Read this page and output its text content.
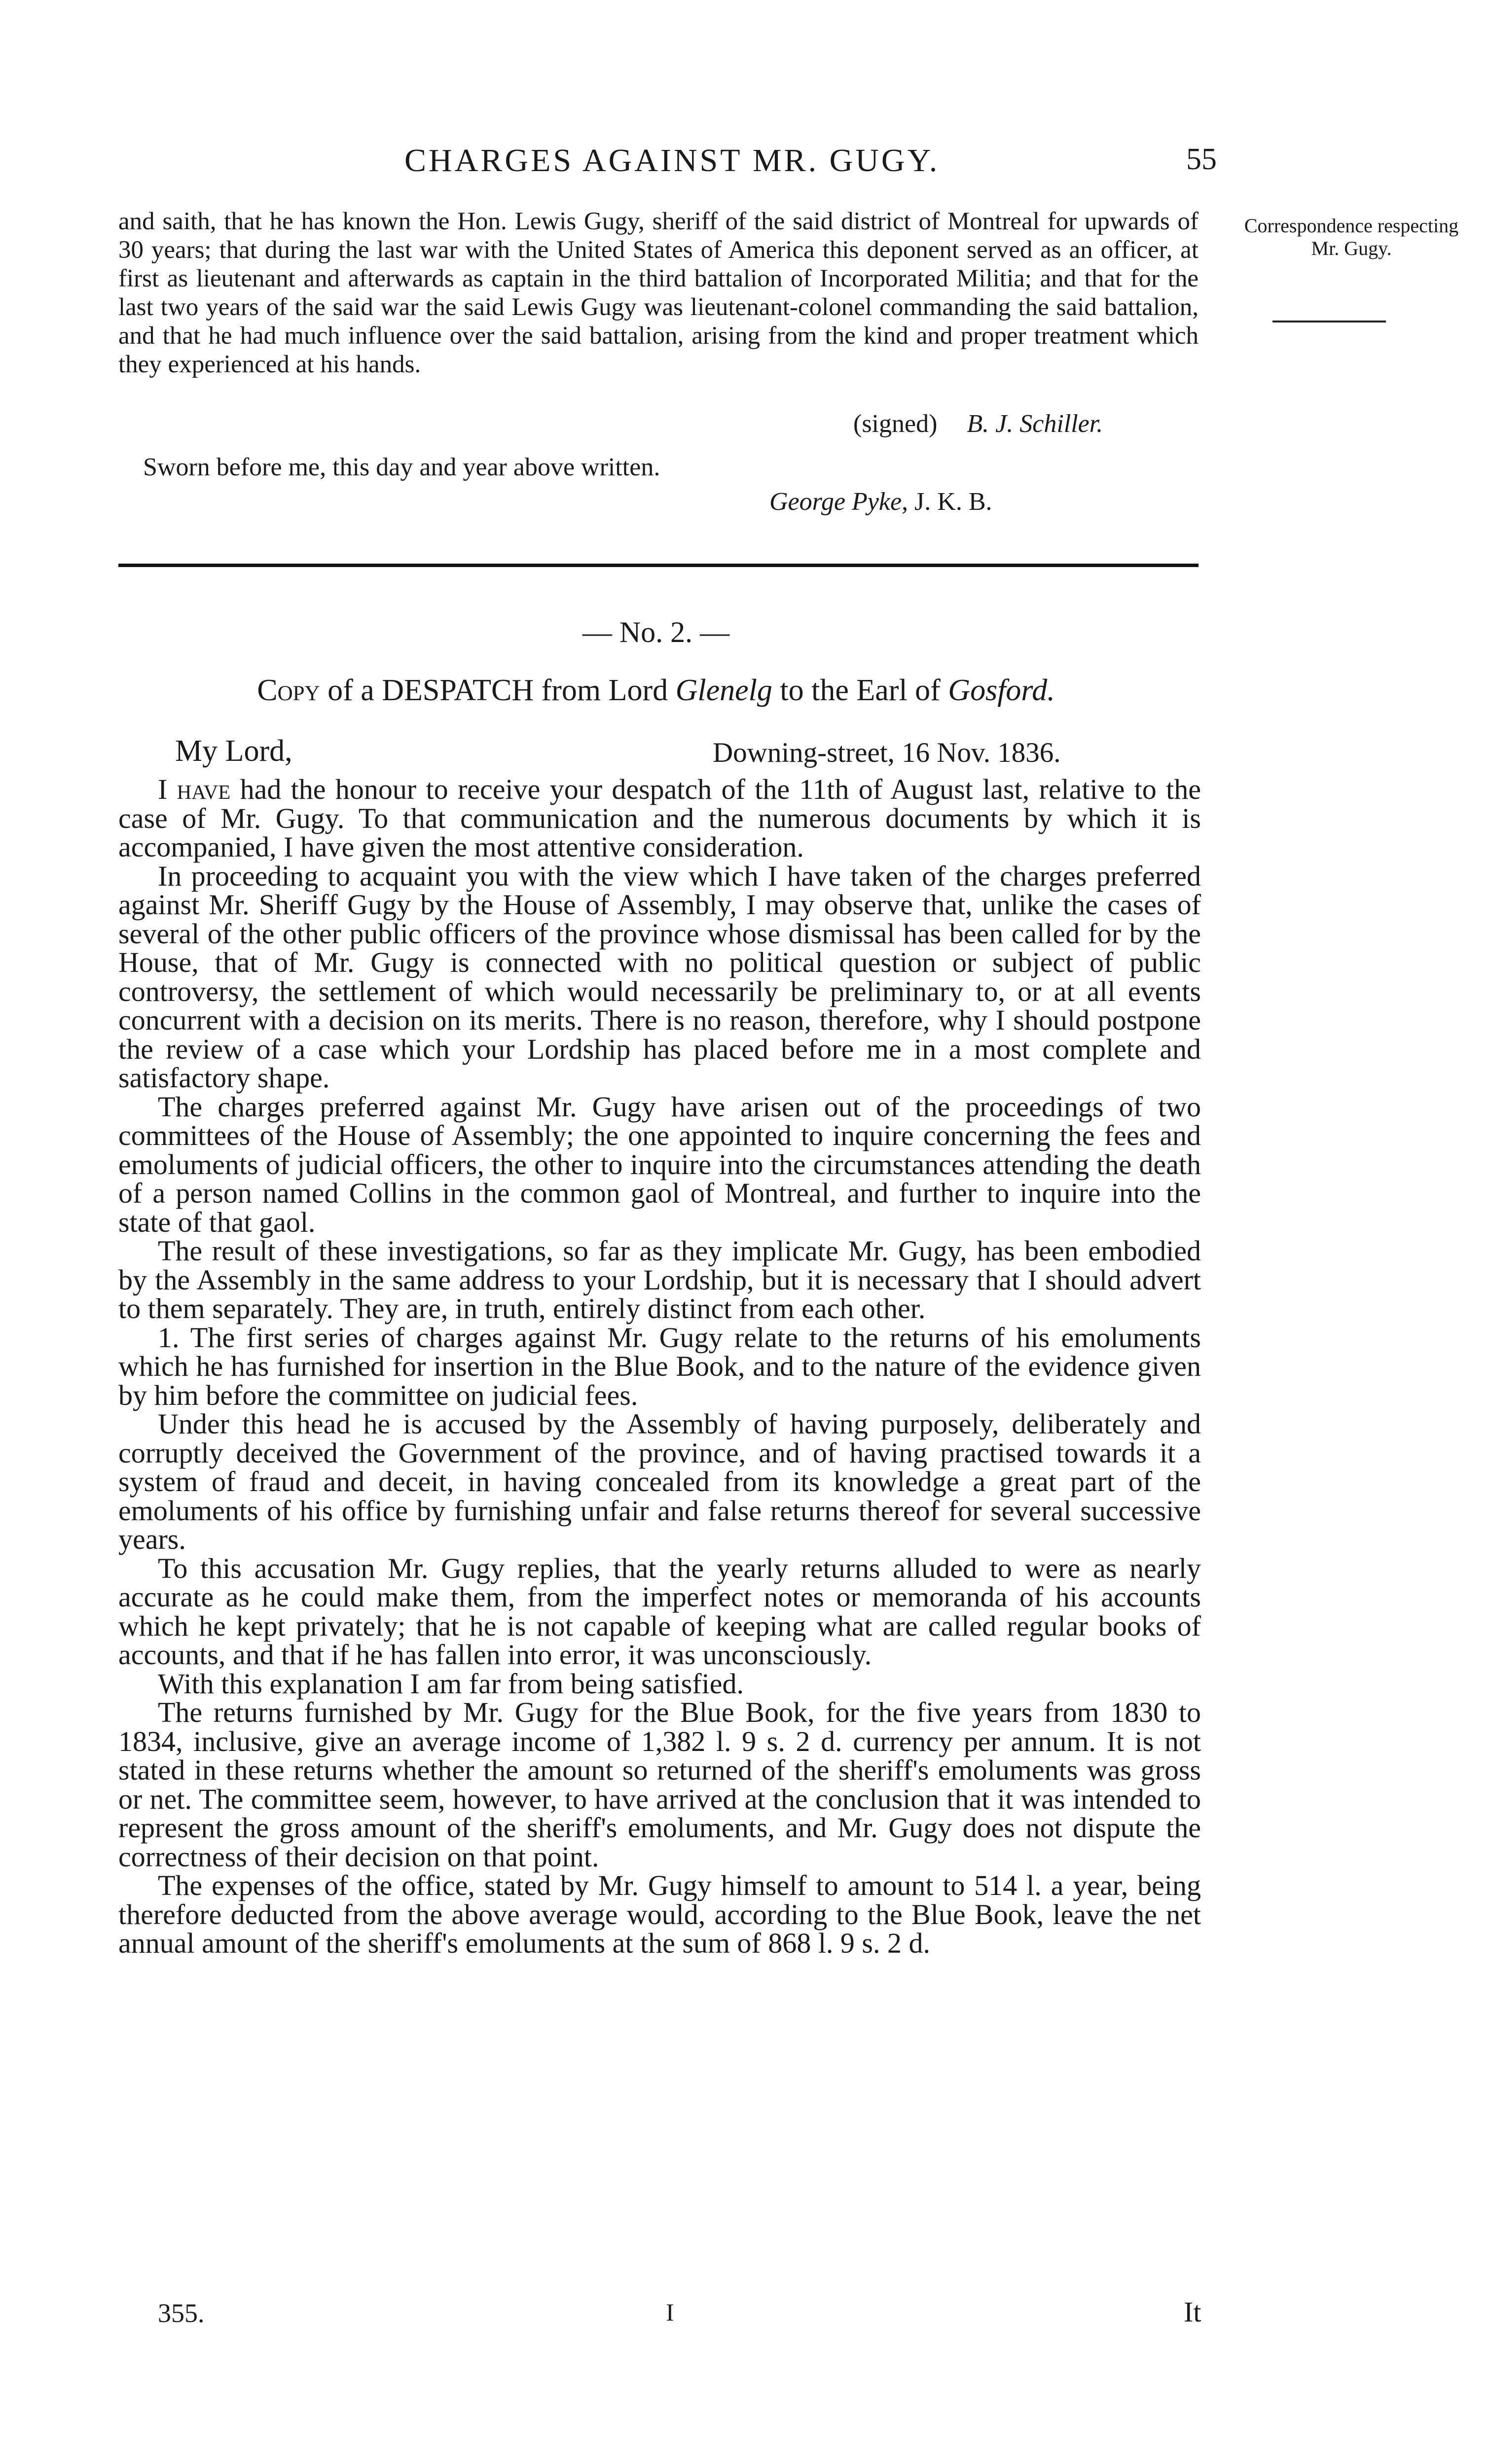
CHARGES AGAINST MR. GUGY.	55
Correspondence respecting Mr. Gugy.
and saith, that he has known the Hon. Lewis Gugy, sheriff of the said district of Montreal for upwards of 30 years; that during the last war with the United States of America this deponent served as an officer, at first as lieutenant and afterwards as captain in the third battalion of Incorporated Militia; and that for the last two years of the said war the said Lewis Gugy was lieutenant-colonel commanding the said battalion, and that he had much influence over the said battalion, arising from the kind and proper treatment which they experienced at his hands.
(signed) B. J. Schiller.
Sworn before me, this day and year above written.
George Pyke, J. K. B.
— No. 2. —
Copy of a DESPATCH from Lord Glenelg to the Earl of Gosford.
My Lord,	Downing-street, 16 Nov. 1836.

I have had the honour to receive your despatch of the 11th of August last, relative to the case of Mr. Gugy. To that communication and the numerous documents by which it is accompanied, I have given the most attentive consideration.

In proceeding to acquaint you with the view which I have taken of the charges preferred against Mr. Sheriff Gugy by the House of Assembly, I may observe that, unlike the cases of several of the other public officers of the province whose dismissal has been called for by the House, that of Mr. Gugy is connected with no political question or subject of public controversy, the settlement of which would necessarily be preliminary to, or at all events concurrent with a decision on its merits. There is no reason, therefore, why I should postpone the review of a case which your Lordship has placed before me in a most complete and satisfactory shape.

The charges preferred against Mr. Gugy have arisen out of the proceedings of two committees of the House of Assembly; the one appointed to inquire concerning the fees and emoluments of judicial officers, the other to inquire into the circumstances attending the death of a person named Collins in the common gaol of Montreal, and further to inquire into the state of that gaol.

The result of these investigations, so far as they implicate Mr. Gugy, has been embodied by the Assembly in the same address to your Lordship, but it is necessary that I should advert to them separately. They are, in truth, entirely distinct from each other.

1. The first series of charges against Mr. Gugy relate to the returns of his emoluments which he has furnished for insertion in the Blue Book, and to the nature of the evidence given by him before the committee on judicial fees.

Under this head he is accused by the Assembly of having purposely, deliberately and corruptly deceived the Government of the province, and of having practised towards it a system of fraud and deceit, in having concealed from its knowledge a great part of the emoluments of his office by furnishing unfair and false returns thereof for several successive years.

To this accusation Mr. Gugy replies, that the yearly returns alluded to were as nearly accurate as he could make them, from the imperfect notes or memoranda of his accounts which he kept privately; that he is not capable of keeping what are called regular books of accounts, and that if he has fallen into error, it was unconsciously.

With this explanation I am far from being satisfied.

The returns furnished by Mr. Gugy for the Blue Book, for the five years from 1830 to 1834, inclusive, give an average income of 1,382 l. 9 s. 2 d. currency per annum. It is not stated in these returns whether the amount so returned of the sheriff's emoluments was gross or net. The committee seem, however, to have arrived at the conclusion that it was intended to represent the gross amount of the sheriff's emoluments, and Mr. Gugy does not dispute the correctness of their decision on that point.

The expenses of the office, stated by Mr. Gugy himself to amount to 514 l. a year, being therefore deducted from the above average would, according to the Blue Book, leave the net annual amount of the sheriff's emoluments at the sum of 868 l. 9 s. 2 d.

355.	I	It
